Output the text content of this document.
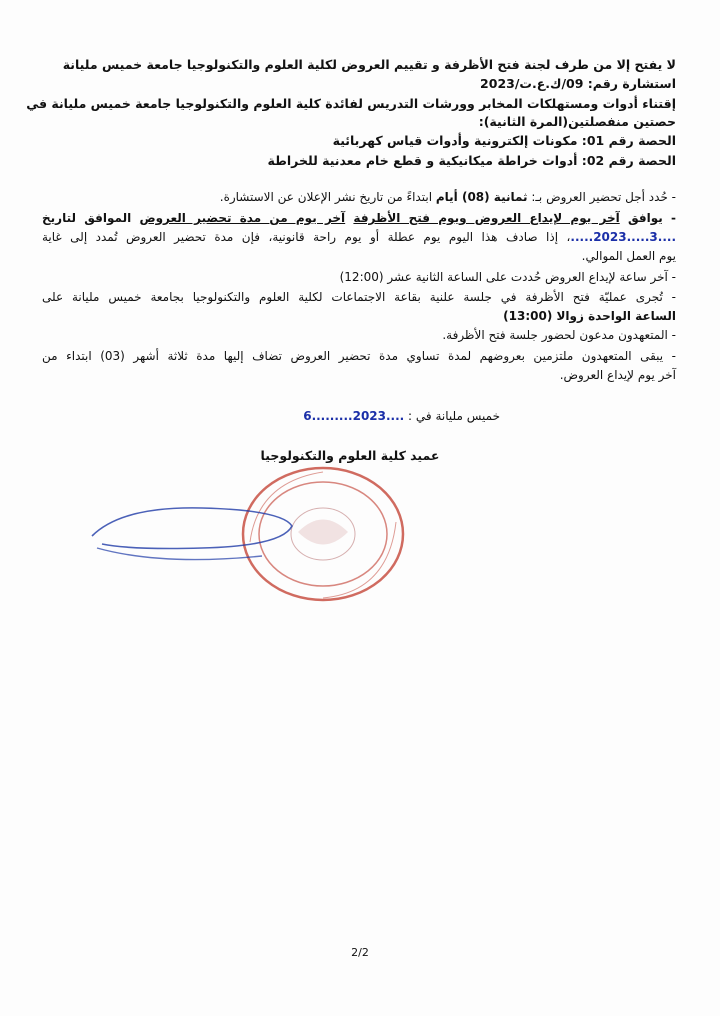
لا يفتح إلا من طرف لجنة فتح الأظرفة و تقييم العروض لكلية العلوم والتكنولوجيا جامعة خميس مليانة
استشارة رقم: 09/ك.ع.ت/2023
إقتناء أدوات ومستهلكات المخابر وورشات التدريس لفائدة كلية العلوم والتكنولوجيا جامعة خميس مليانة في
حصتين منفصلتين(المرة الثانية):
الحصة رقم 01: مكونات إلكترونية وأدوات قياس كهربائية
الحصة رقم 02: أدوات خراطة ميكانيكية و قطع خام معدنية للخراطة
- حُدد أجل تحضير العروض بـ: ثمانية (08) أيام ابتداءً من تاريخ نشر الإعلان عن الاستشارة.
- يوافق آخر يوم لإيداع العروض ويوم فتح الأظرفة آخر يوم من مدة تحضير العروض الموافق لتاريخ
....3.....2023.....، إذا صادف هذا اليوم يوم عطلة أو يوم راحة قانونية، فإن مدة تحضير العروض تُمدد إلى غاية
يوم العمل الموالي.
- آخر ساعة لإيداع العروض حُددت على الساعة الثانية عشر (12:00)
- تُجرى عمليّة فتح الأظرفة في جلسة علنية بقاعة الاجتماعات لكلية العلوم والتكنولوجيا بجامعة خميس مليانة على
الساعة الواحدة زوالا (13:00)
- المتعهدون مدعون لحضور جلسة فتح الأظرفة.
- يبقى المتعهدون ملتزمين بعروضهم لمدة تساوي مدة تحضير العروض تضاف إليها مدة ثلاثة أشهر (03) ابتداء من
آخر يوم لإيداع العروض.
خميس مليانة في : ....2023.........6
عميد كلية العلوم والتكنولوجيا
2/2
